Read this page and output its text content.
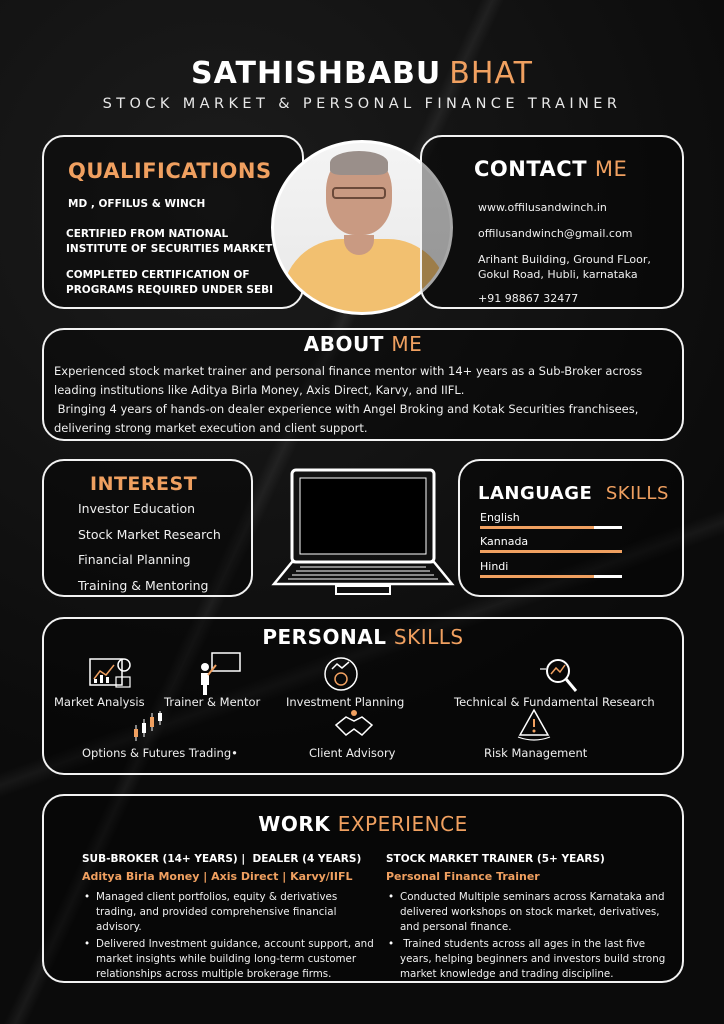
SATHISHBABU BHAT
STOCK MARKET & PERSONAL FINANCE TRAINER
QUALIFICATIONS
MD , OFFILUS & WINCH
CERTIFIED FROM NATIONAL
INSTITUTE OF SECURITIES MARKET
COMPLETED CERTIFICATION OF
PROGRAMS REQUIRED UNDER SEBI
CONTACT ME
www.offilusandwinch.in
offilusandwinch@gmail.com
Arihant Building, Ground FLoor,
Gokul Road, Hubli, karnataka
+91 98867 32477
ABOUT ME
Experienced stock market trainer and personal finance mentor with 14+ years as a Sub-Broker across
leading institutions like Aditya Birla Money, Axis Direct, Karvy, and IIFL.
Bringing 4 years of hands-on dealer experience with Angel Broking and Kotak Securities franchisees,
delivering strong market execution and client support.
INTEREST
Investor Education
Stock Market Research
Financial Planning
Training & Mentoring
LANGUAGE SKILLS
English
Kannada
Hindi
PERSONAL SKILLS
Market Analysis Trainer & Mentor Investment Planning	Technical & Fundamental Research
Options & Futures Trading•	Client Advisory	Risk Management
WORK EXPERIENCE
SUB-BROKER (14+ YEARS) |  DEALER (4 YEARS)
Aditya Birla Money | Axis Direct | Karvy/IIFL
• Managed client portfolios, equity & derivatives
trading, and provided comprehensive financial
advisory.
• Delivered Investment guidance, account support, and
market insights while building long-term customer
relationships across multiple brokerage firms.
STOCK MARKET TRAINER (5+ YEARS)
Personal Finance Trainer
• Conducted Multiple seminars across Karnataka and
delivered workshops on stock market, derivatives,
and personal finance.
•  Trained students across all ages in the last five
years, helping beginners and investors build strong
market knowledge and trading discipline.
